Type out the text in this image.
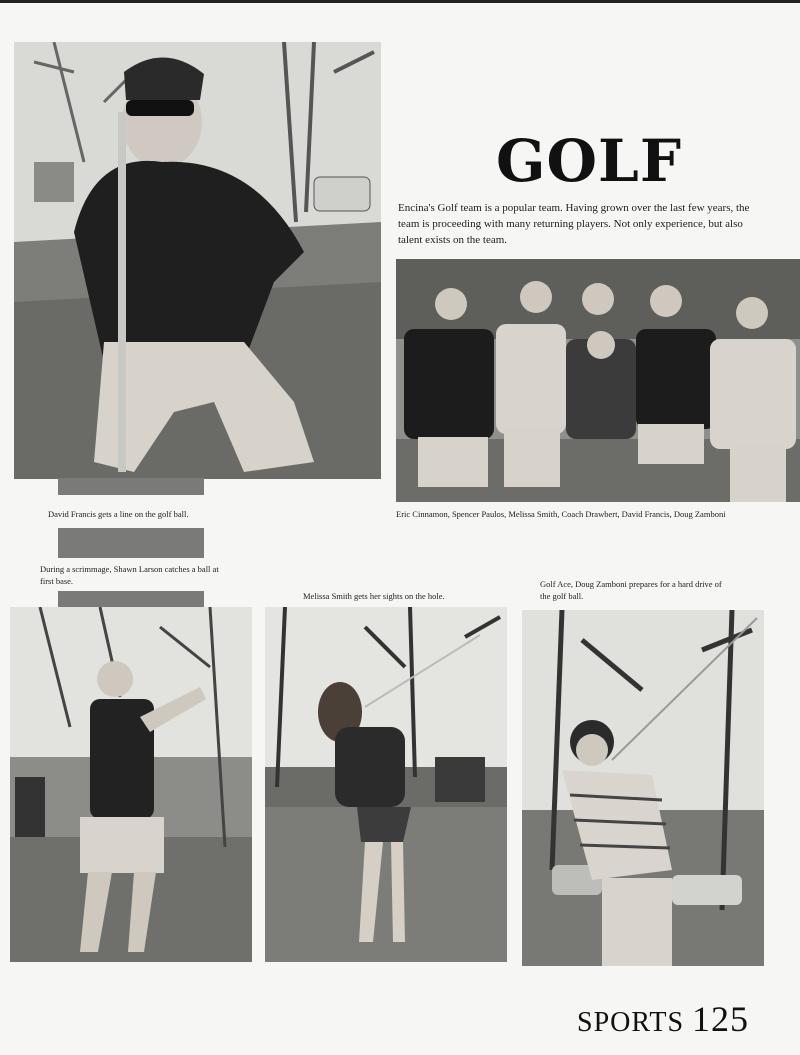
GOLF

Encina's Golf team is a popular team. Having grown over the last few years, the team is proceeding with many returning players. Not only experience, but also talent exists on the team.

David Francis gets a line on the golf ball.

During a scrimmage, Shawn Larson catches a ball at first base.

Eric Cinnamon, Spencer Paulos, Melissa Smith, Coach Drawbert, David Francis, Doug Zamboni

Melissa Smith gets her sights on the hole.

Golf Ace, Doug Zamboni prepares for a hard drive of the golf ball.

SPORTS 125
